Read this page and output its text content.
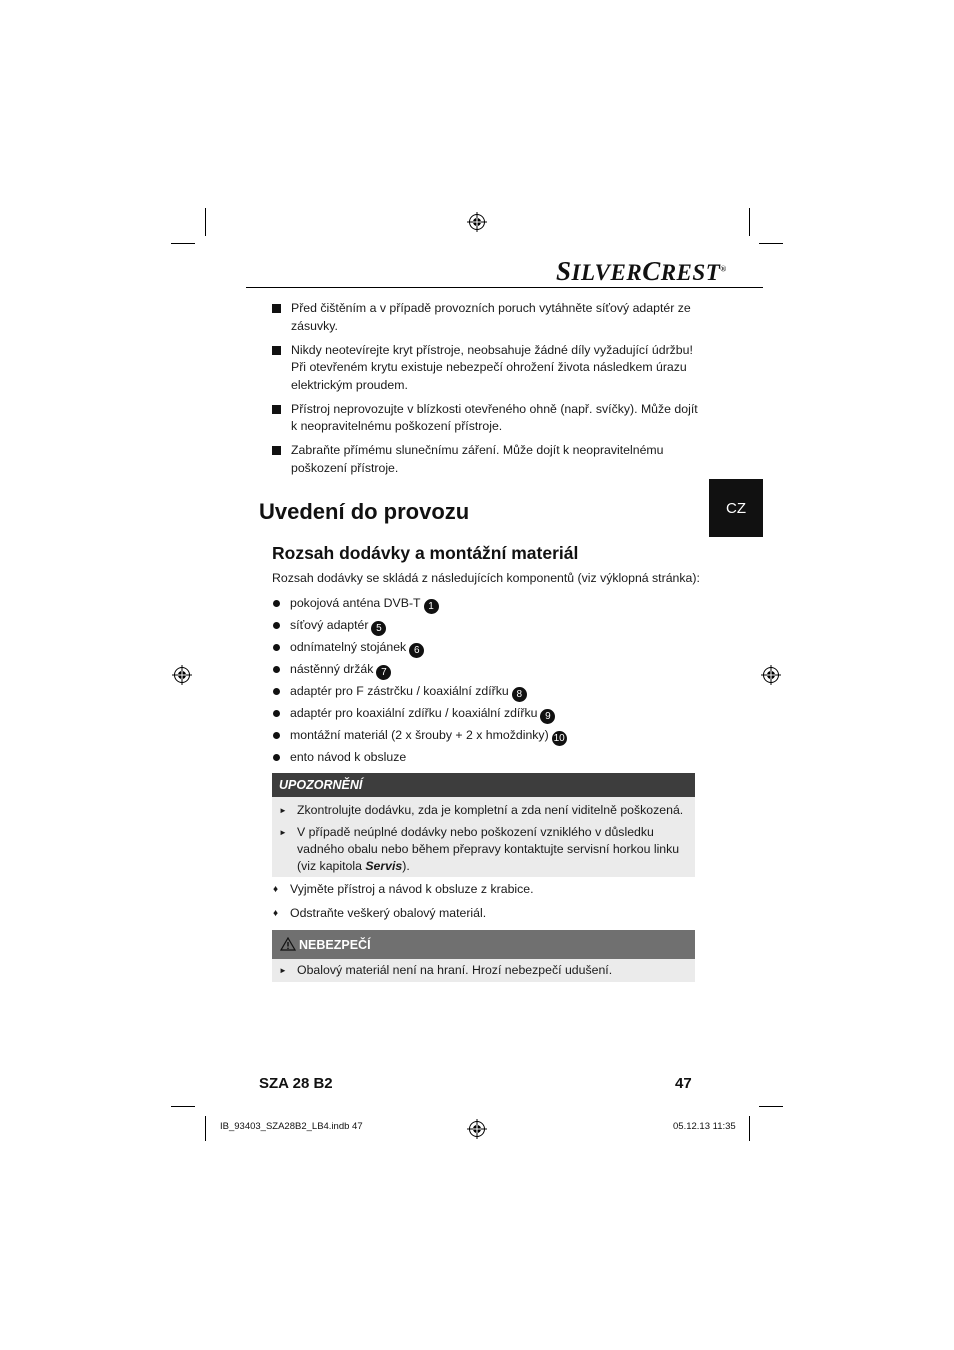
SILVERCREST®
Před čištěním a v případě provozních poruch vytáhněte síťový adaptér ze zásuvky.
Nikdy neotevírejte kryt přístroje, neobsahuje žádné díly vyžadující údržbu! Při otevřeném krytu existuje nebezpečí ohrožení života následkem úrazu elektrickým proudem.
Přístroj neprovozujte v blízkosti otevřeného ohně (např. svíčky). Může dojít k neopravitelnému poškození přístroje.
Zabraňte přímému slunečnímu záření. Může dojít k neopravitelnému poškození přístroje.
Uvedení do provozu	CZ
Rozsah dodávky a montážní materiál
Rozsah dodávky se skládá z následujících komponentů (viz výklopná stránka):
pokojová anténa DVB-T 1
síťový adaptér 5
odnímatelný stojánek 6
nástěnný držák 7
adaptér pro F zástrčku / koaxiální zdířku 8
adaptér pro koaxiální zdířku / koaxiální zdířku 9
montážní materiál (2 x šrouby + 2 x hmoždinky) 10
ento návod k obsluze
UPOZORNĚNÍ
► Zkontrolujte dodávku, zda je kompletní a zda není viditelně poškozená.
► V případě neúplné dodávky nebo poškození vzniklého v důsledku vadného obalu nebo během přepravy kontaktujte servisní horkou linku (viz kapitola Servis).
♦ Vyjměte přístroj a návod k obsluze z krabice.
♦ Odstraňte veškerý obalový materiál.
NEBEZPEČÍ
► Obalový materiál není na hraní. Hrozí nebezpečí udušení.
SZA 28 B2	47
IB_93403_SZA28B2_LB4.indb 47	05.12.13 11:35
